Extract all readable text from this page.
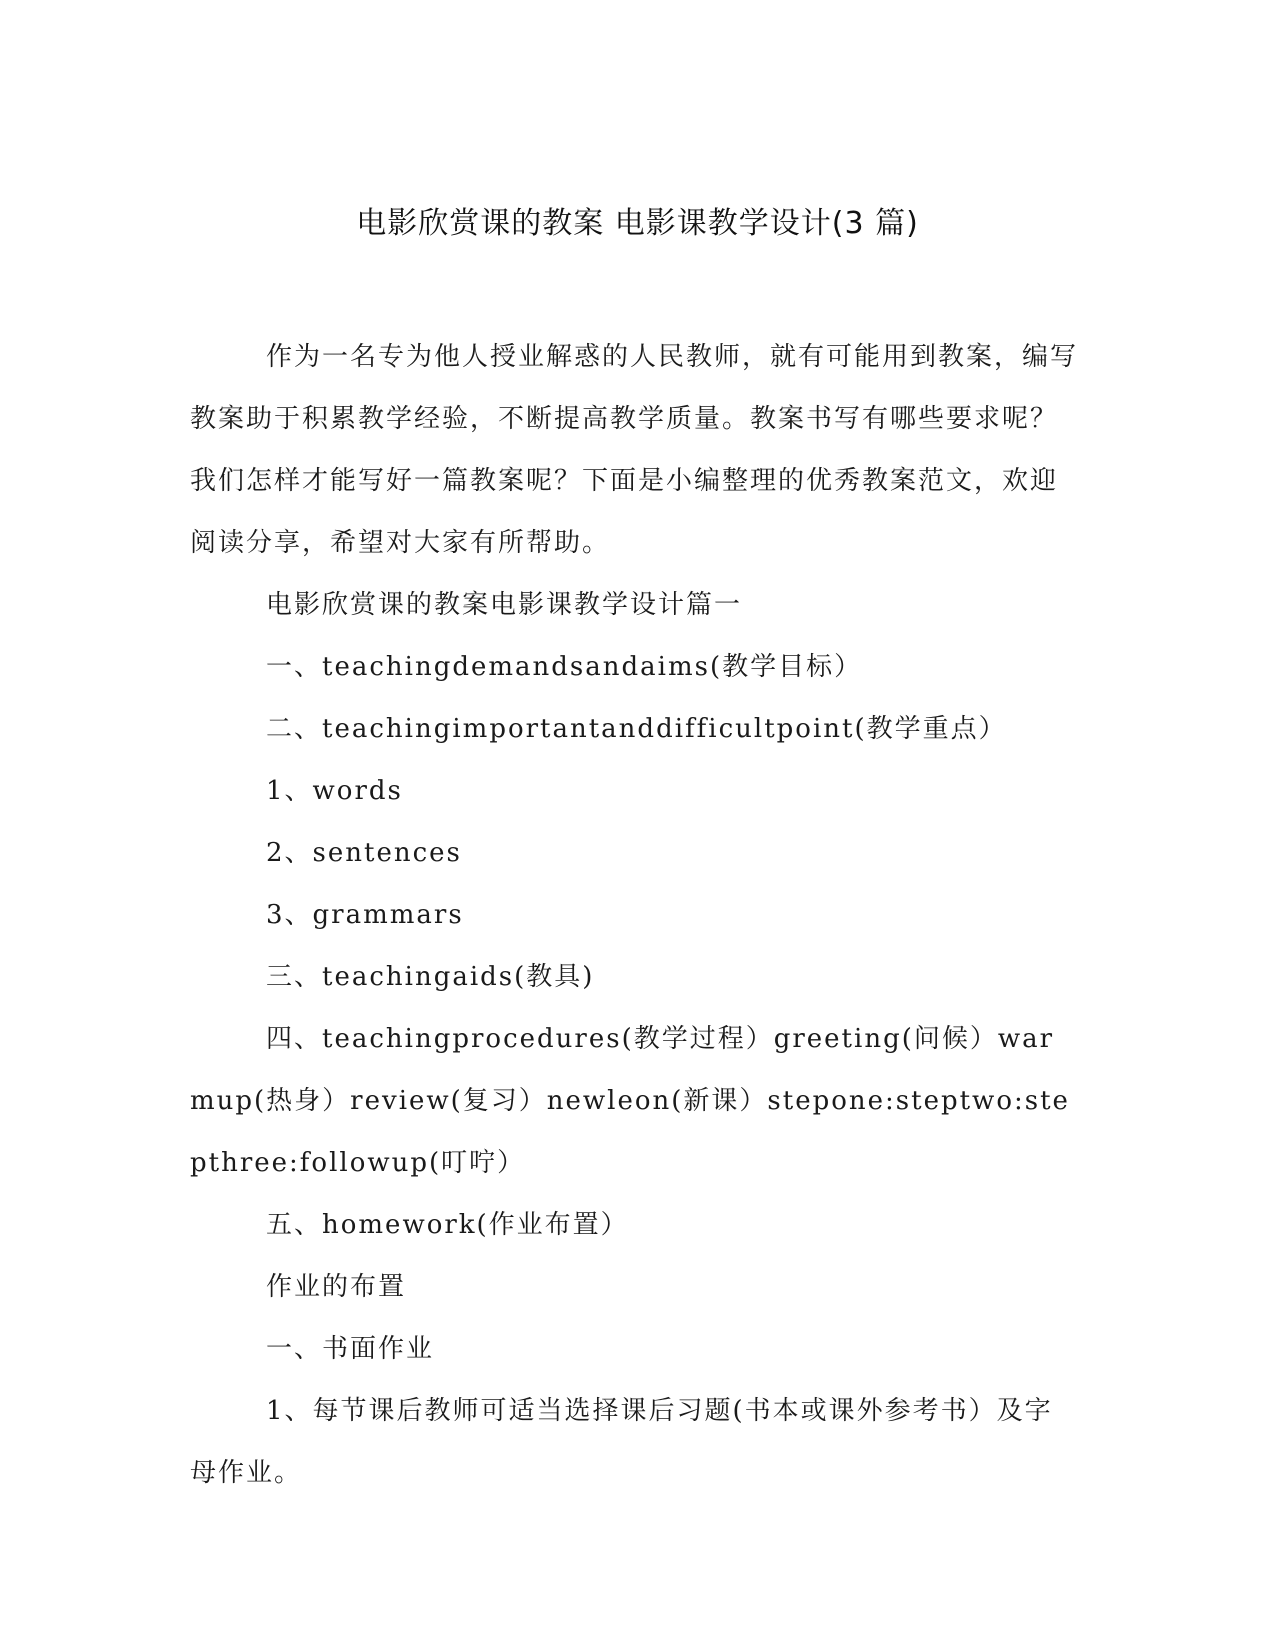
电影欣赏课的教案 电影课教学设计(3 篇)

作为一名专为他人授业解惑的人民教师，就有可能用到教案，编写教案助于积累教学经验，不断提高教学质量。教案书写有哪些要求呢？我们怎样才能写好一篇教案呢？下面是小编整理的优秀教案范文，欢迎阅读分享，希望对大家有所帮助。

电影欣赏课的教案电影课教学设计篇一

一、teachingdemandsandaims(教学目标）

二、teachingimportantanddifficultpoint(教学重点）

1、words

2、sentences

3、grammars

三、teachingaids(教具)

四、teachingprocedures(教学过程）greeting(问候）warmup(热身）review(复习）newleon(新课）stepone:steptwo:stepthree:followup(叮咛）

五、homework(作业布置）

作业的布置

一、书面作业

1、每节课后教师可适当选择课后习题(书本或课外参考书）及字母作业。
